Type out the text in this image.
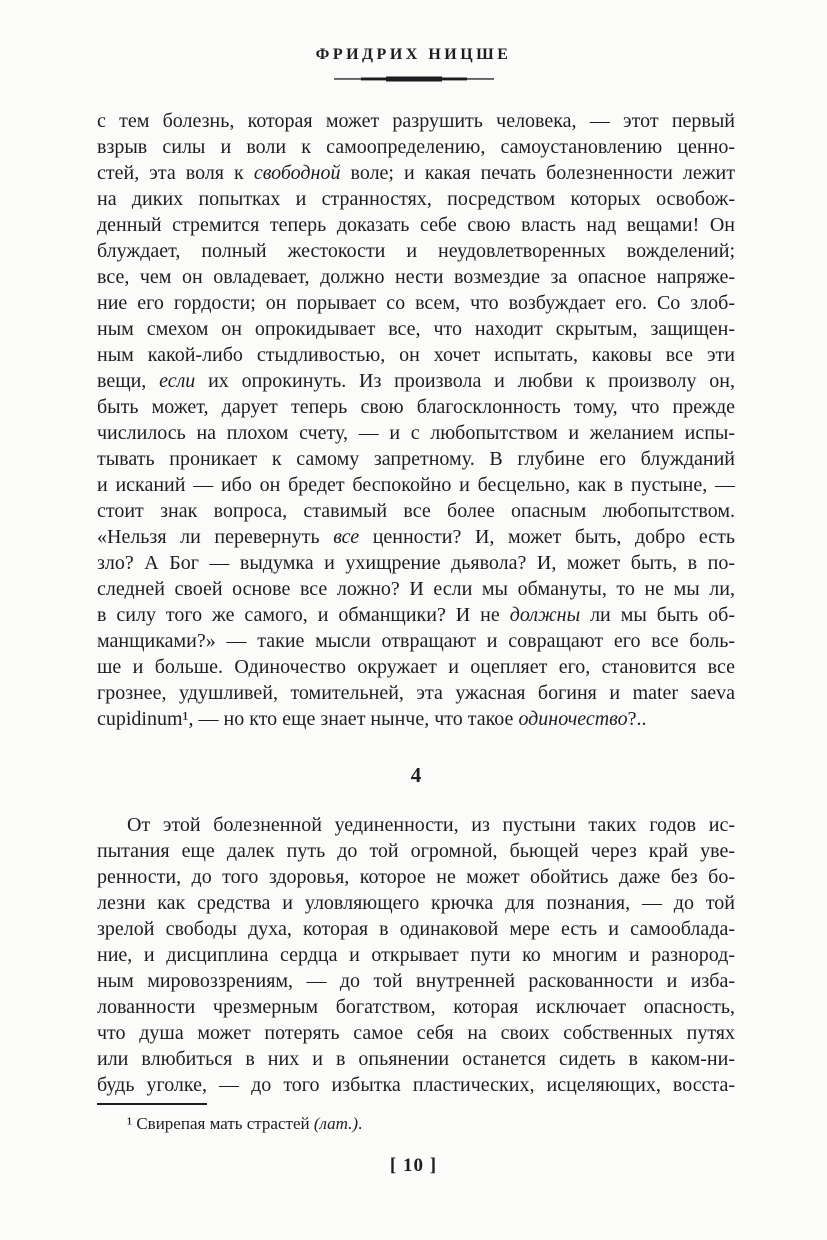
ФРИДРИХ НИЦШЕ
с тем болезнь, которая может разрушить человека, — этот первый
взрыв силы и воли к самоопределению, самоустановлению ценно-
стей, эта воля к свободной воле; и какая печать болезненности лежит
на диких попытках и странностях, посредством которых освобож-
денный стремится теперь доказать себе свою власть над вещами! Он
блуждает, полный жестокости и неудовлетворенных вожделений;
все, чем он овладевает, должно нести возмездие за опасное напряже-
ние его гордости; он порывает со всем, что возбуждает его. Со злоб-
ным смехом он опрокидывает все, что находит скрытым, защищен-
ным какой-либо стыдливостью, он хочет испытать, каковы все эти
вещи, если их опрокинуть. Из произвола и любви к произволу он,
быть может, дарует теперь свою благосклонность тому, что прежде
числилось на плохом счету, — и с любопытством и желанием испы-
тывать проникает к самому запретному. В глубине его блужданий
и исканий — ибо он бредет беспокойно и бесцельно, как в пустыне, —
стоит знак вопроса, ставимый все более опасным любопытством.
«Нельзя ли перевернуть все ценности? И, может быть, добро есть
зло? А Бог — выдумка и ухищрение дьявола? И, может быть, в по-
следней своей основе все ложно? И если мы обмануты, то не мы ли,
в силу того же самого, и обманщики? И не должны ли мы быть об-
манщиками?» — такие мысли отвращают и совращают его все боль-
ше и больше. Одиночество окружает и оцепляет его, становится все
грознее, удушливей, томительней, эта ужасная богиня и mater saeva
cupidinum¹, — но кто еще знает нынче, что такое одиночество?..
4
От этой болезненной уединенности, из пустыни таких годов ис-
пытания еще далек путь до той огромной, бьющей через край уве-
ренности, до того здоровья, которое не может обойтись даже без бо-
лезни как средства и уловляющего крючка для познания, — до той
зрелой свободы духа, которая в одинаковой мере есть и самооблада-
ние, и дисциплина сердца и открывает пути ко многим и разнород-
ным мировоззрениям, — до той внутренней раскованности и изба-
лованности чрезмерным богатством, которая исключает опасность,
что душа может потерять самое себя на своих собственных путях
или влюбиться в них и в опьянении останется сидеть в каком-ни-
будь уголке, — до того избытка пластических, исцеляющих, восста-
¹ Свирепая мать страстей (лат.).
[ 10 ]
